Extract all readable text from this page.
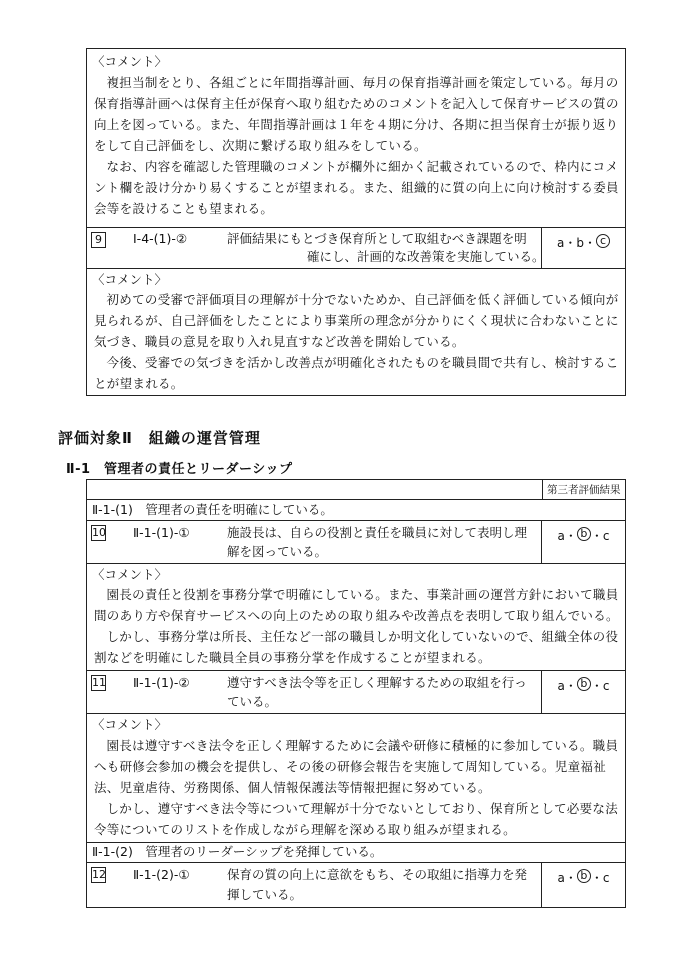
〈コメント〉

複担当制をとり、各組ごとに年間指導計画、毎月の保育指導計画を策定している。毎月の保育指導計画へは保育主任が保育へ取り組むためのコメントを記入して保育サービスの質の向上を図っている。また、年間指導計画は１年を４期に分け、各期に担当保育士が振り返りをして自己評価をし、次期に繋げる取り組みをしている。

なお、内容を確認した管理職のコメントが欄外に細かく記載されているので、枠内にコメント欄を設け分かり易くすることが望まれる。また、組織的に質の向上に向け検討する委員会等を設けることも望まれる。

9	Ⅰ-4-(1)-②	評価結果にもとづき保育所として取組むべき課題を明
確にし、計画的な改善策を実施している。
a・b・ c
〈コメント〉

初めての受審で評価項目の理解が十分でないためか、自己評価を低く評価している傾向が見られるが、自己評価をしたことにより事業所の理念が分かりにくく現状に合わないことに気づき、職員の意見を取り入れ見直すなど改善を開始している。

今後、受審での気づきを活かし改善点が明確化されたものを職員間で共有し、検討することが望まれる。

評価対象Ⅱ　組織の運営管理
Ⅱ-1　管理者の責任とリーダーシップ
第三者評価結果
Ⅱ-1-(1)　管理者の責任を明確にしている。
10 Ⅱ-1-(1)-①	施設長は、自らの役割と責任を職員に対して表明し理
解を図っている。
a・ b ・c
〈コメント〉

園長の責任と役割を事務分掌で明確にしている。また、事業計画の運営方針において職員間のあり方や保育サービスへの向上のための取り組みや改善点を表明して取り組んでいる。

しかし、事務分掌は所長、主任など一部の職員しか明文化していないので、組織全体の役割などを明確にした職員全員の事務分掌を作成することが望まれる。

11 Ⅱ-1-(1)-②	遵守すべき法令等を正しく理解するための取組を行っ
ている。
a・ b ・c
〈コメント〉

園長は遵守すべき法令を正しく理解するために会議や研修に積極的に参加している。職員へも研修会参加の機会を提供し、その後の研修会報告を実施して周知している。児童福祉法、児童虐待、労務関係、個人情報保護法等情報把握に努めている。

しかし、遵守すべき法令等について理解が十分でないとしており、保育所として必要な法令等についてのリストを作成しながら理解を深める取り組みが望まれる。

Ⅱ-1-(2)　管理者のリーダーシップを発揮している。
12 Ⅱ-1-(2)-①	保育の質の向上に意欲をもち、その取組に指導力を発
揮している。
a・ b ・c
